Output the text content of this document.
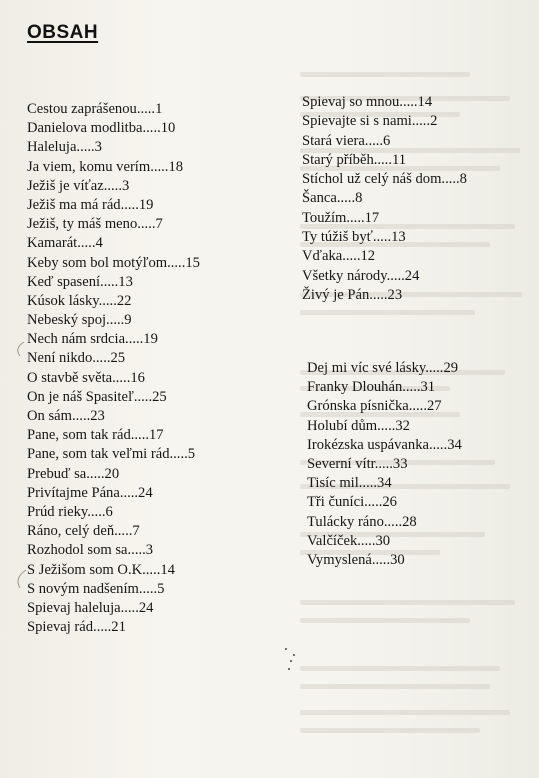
OBSAH
Cestou zaprášenou.....1
Danielova modlitba.....10
Haleluja.....3
Ja viem, komu verím.....18
Ježiš je víťaz.....3
Ježiš ma má rád.....19
Ježiš, ty máš meno.....7
Kamarát.....4
Keby som bol motýľom.....15
Keď spasení.....13
Kúsok lásky.....22
Nebeský spoj.....9
Nech nám srdcia.....19
Není nikdo.....25
O stavbě světa.....16
On je náš Spasiteľ.....25
On sám.....23
Pane, som tak rád.....17
Pane, som tak veľmi rád.....5
Prebuď sa.....20
Privítajme Pána.....24
Prúd rieky.....6
Ráno, celý deň.....7
Rozhodol som sa.....3
S Ježišom som O.K.....14
S novým nadšením.....5
Spievaj haleluja.....24
Spievaj rád.....21
Spievaj so mnou.....14
Spievajte si s nami.....2
Stará viera.....6
Starý příběh.....11
Stíchol už celý náš dom.....8
Šanca.....8
Toužím.....17
Ty túžiš byť.....13
Vďaka.....12
Všetky národy.....24
Živý je Pán.....23
Dej mi víc své lásky.....29
Franky Dlouhán.....31
Grónska písnička.....27
Holubí dům.....32
Irokézska uspávanka.....34
Severní vítr.....33
Tisíc mil.....34
Tři čuníci.....26
Tulácky ráno.....28
Valčíček.....30
Vymyslená.....30
